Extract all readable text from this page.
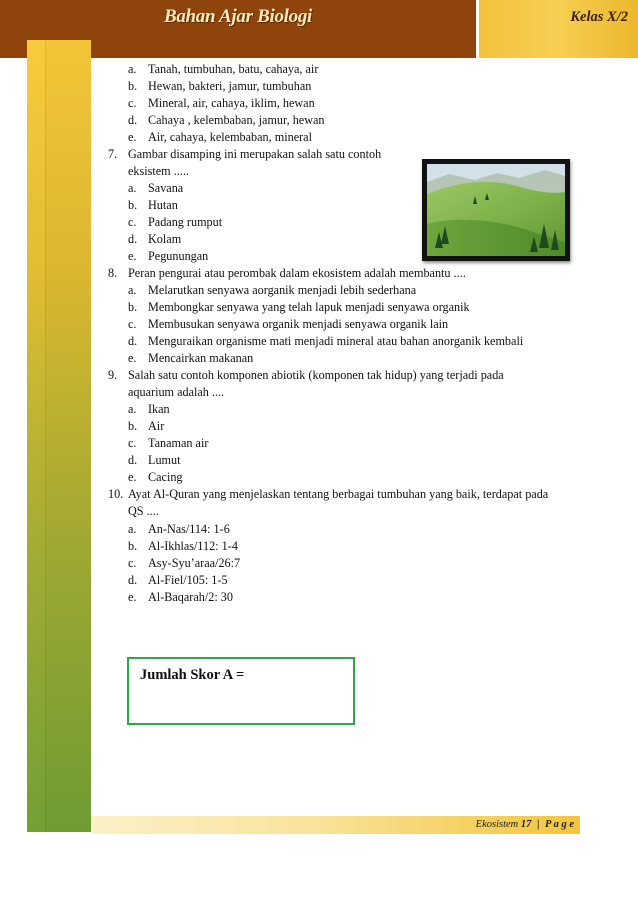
Bahan Ajar Biologi	Kelas X/2
a. Tanah, tumbuhan, batu, cahaya, air
b. Hewan, bakteri, jamur, tumbuhan
c. Mineral, air, cahaya, iklim, hewan
d. Cahaya , kelembaban, jamur, hewan
e. Air, cahaya, kelembaban, mineral
7. Gambar disamping ini merupakan salah satu contoh
eksistem .....
a. Savana
b. Hutan
c. Padang rumput
d. Kolam
e. Pegunungan
8. Peran pengurai atau perombak dalam ekosistem adalah membantu ....
a. Melarutkan senyawa aorganik menjadi lebih sederhana
b. Membongkar senyawa yang telah lapuk menjadi senyawa organik
c. Membusukan senyawa organik menjadi senyawa organik lain
d. Menguraikan organisme mati menjadi mineral atau bahan anorganik kembali
e. Mencairkan makanan
9. Salah satu contoh komponen abiotik (komponen tak hidup) yang terjadi pada
aquarium adalah ....
a. Ikan
b. Air
c. Tanaman air
d. Lumut
e. Cacing
10. Ayat Al-Quran yang menjelaskan tentang berbagai tumbuhan yang baik, terdapat pada
QS ....
a. An-Nas/114: 1-6
b. Al-Ikhlas/112: 1-4
c. Asy-Syu’araa/26:7
d. Al-Fiel/105: 1-5
e. Al-Baqarah/2: 30
Jumlah Skor A =
Ekosistem 17 | P a g e
